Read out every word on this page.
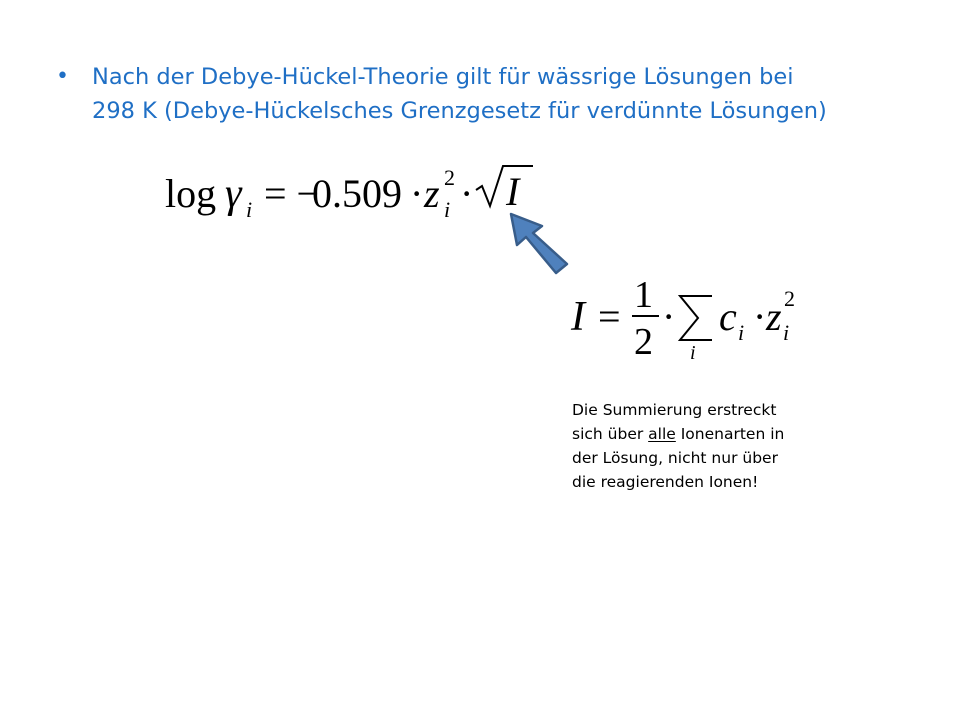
• Nach der Debye-Hückel-Theorie gilt für wässrige Lösungen bei
298 K (Debye-Hückelsches Grenzgesetz für verdünnte Lösungen)
log γ i = −
0.509 · z i
2 · I
I = 1
2
·
i
c i · z i
2
Die Summierung erstreckt
sich über alle Ionenarten in
der Lösung, nicht nur über
die reagierenden Ionen!
